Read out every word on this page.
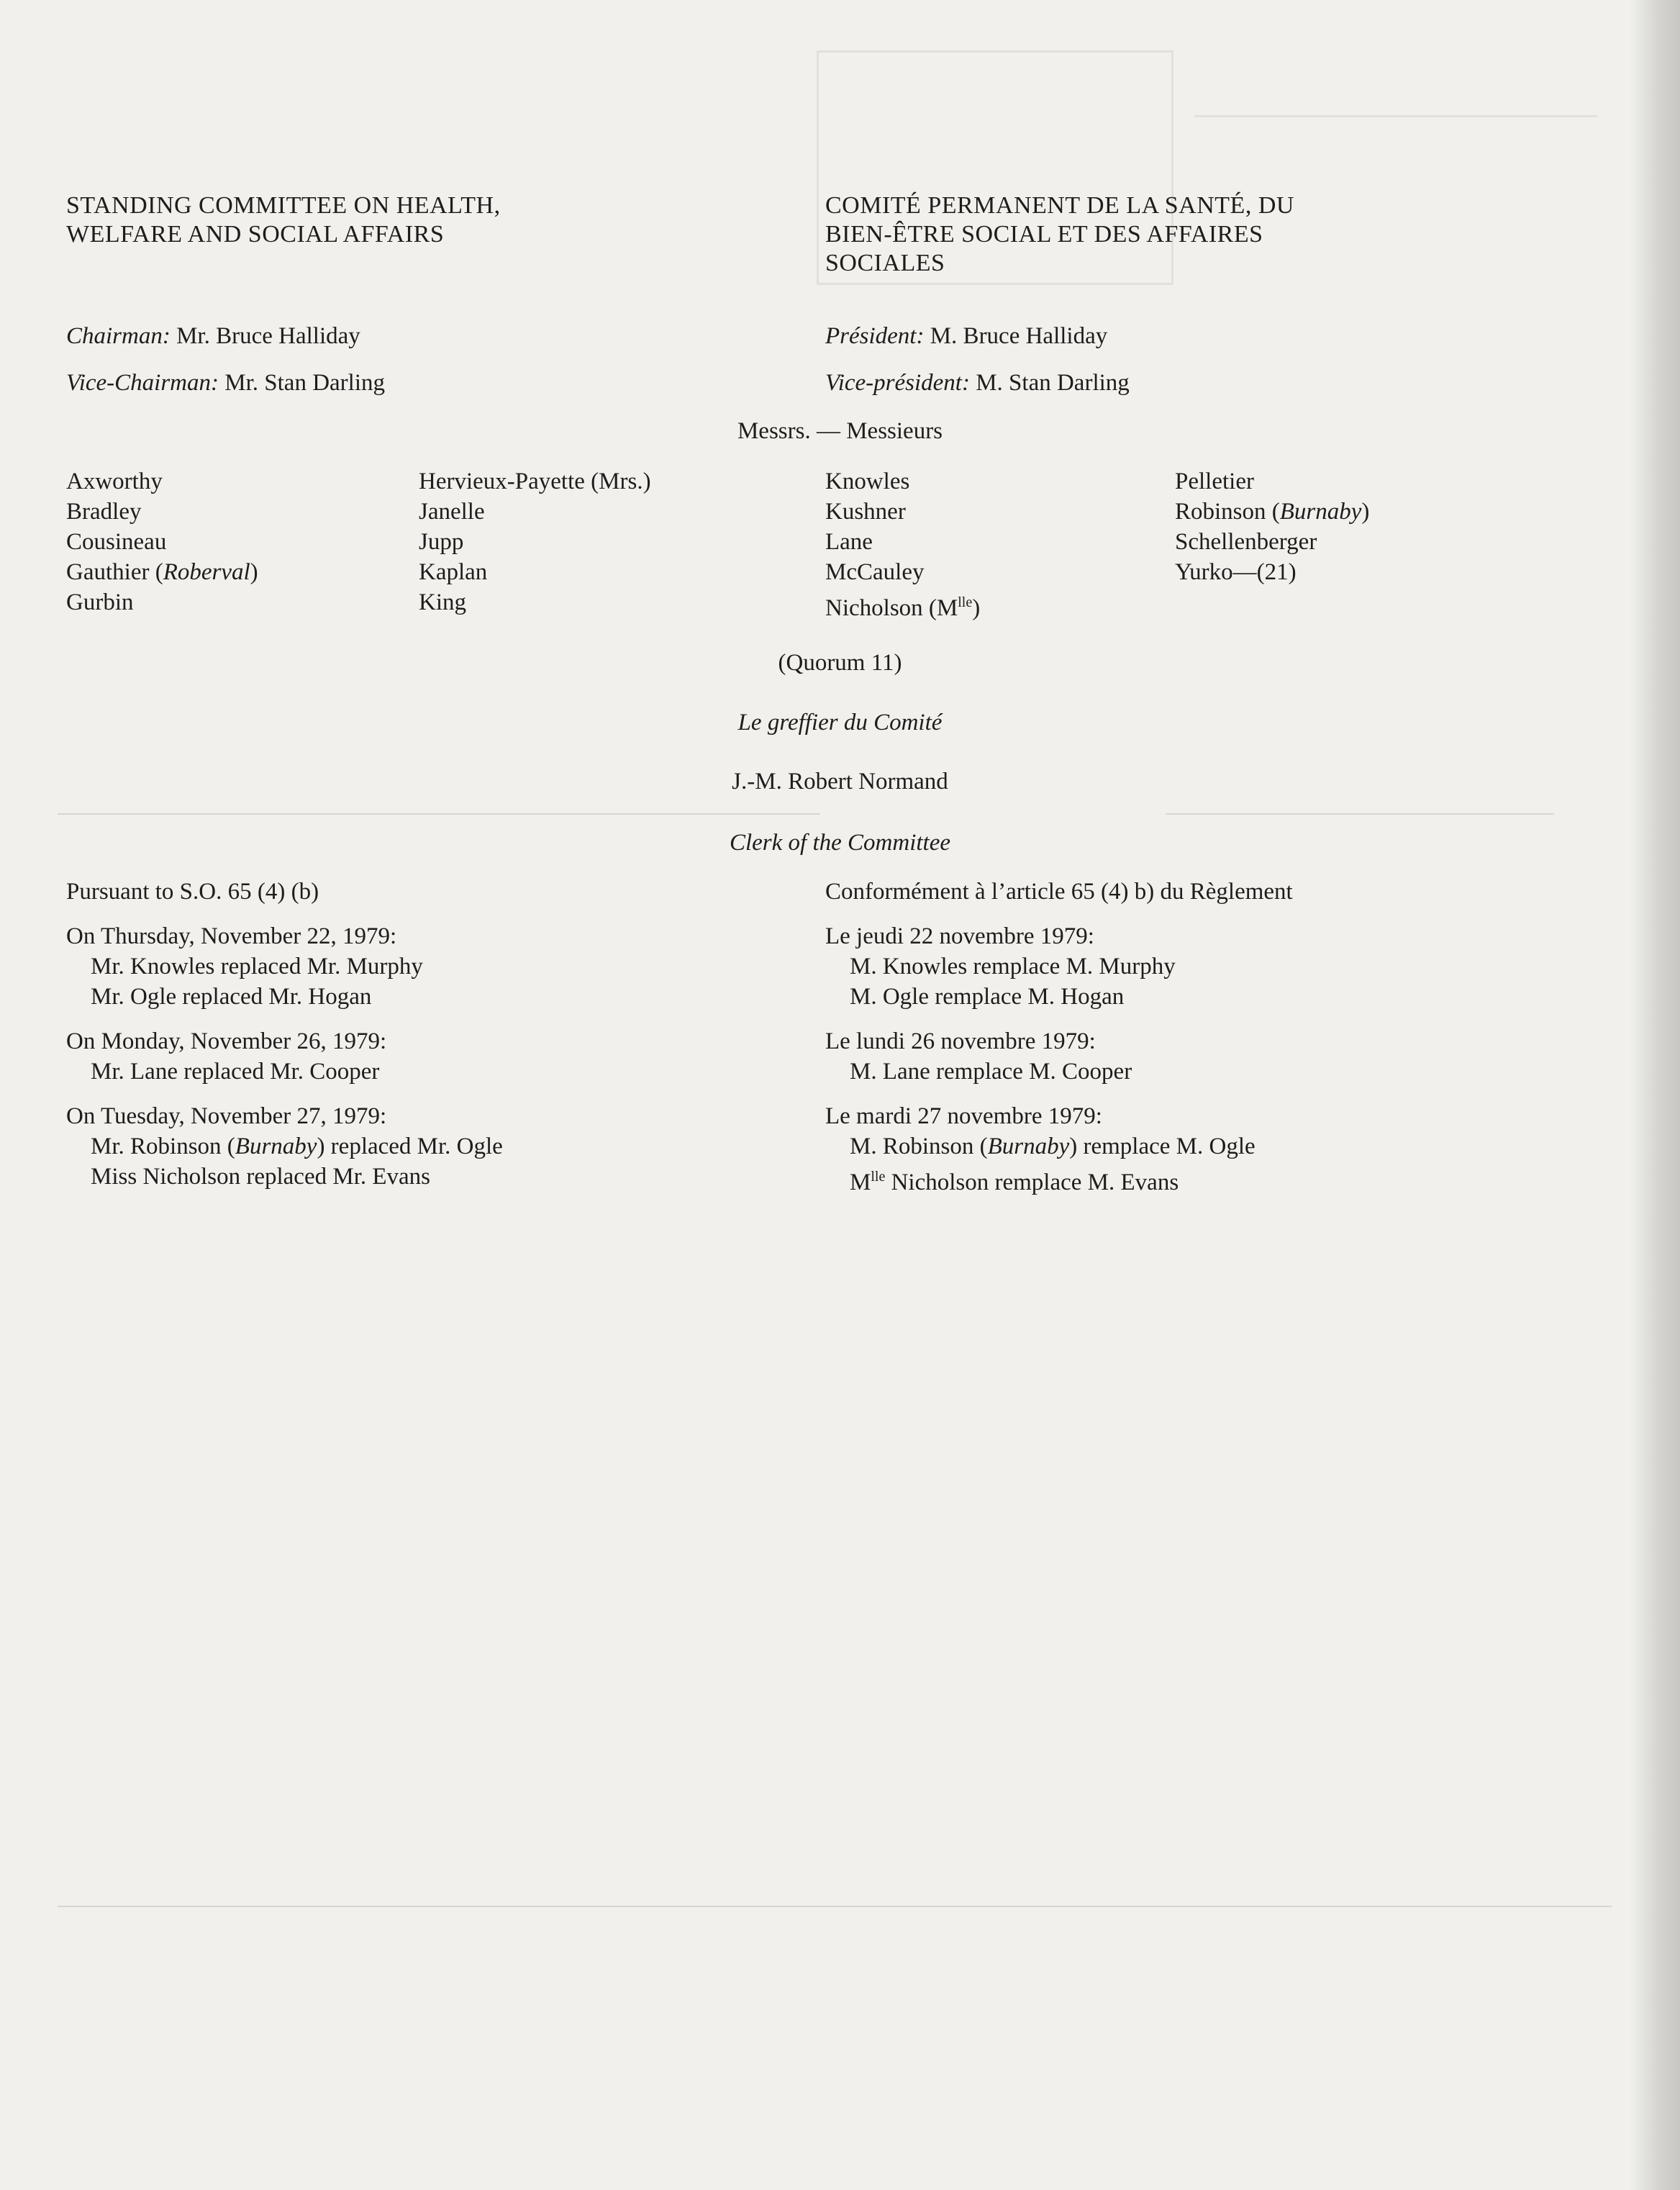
STANDING COMMITTEE ON HEALTH,
WELFARE AND SOCIAL AFFAIRS
COMITÉ PERMANENT DE LA SANTÉ, DU
BIEN-ÊTRE SOCIAL ET DES AFFAIRES
SOCIALES
Chairman: Mr. Bruce Halliday
Vice-Chairman: Mr. Stan Darling
Président: M. Bruce Halliday
Vice-président: M. Stan Darling
Messrs. — Messieurs
Axworthy
Bradley
Cousineau
Gauthier (Roberval)
Gurbin
Hervieux-Payette (Mrs.)
Janelle
Jupp
Kaplan
King
Knowles
Kushner
Lane
McCauley
Nicholson $(M^{lle})$
Pelletier
Robinson (Burnaby)
Schellenberger
Yurko—(21)
(Quorum 11)
Le greffier du Comité
J.-M. Robert Normand
Clerk of the Committee
Pursuant to S.O. 65 (4) (b)
On Thursday, November 22, 1979:
Mr. Knowles replaced Mr. Murphy
Mr. Ogle replaced Mr. Hogan
On Monday, November 26, 1979:
Mr. Lane replaced Mr. Cooper
On Tuesday, November 27, 1979:
Mr. Robinson (Burnaby) replaced Mr. Ogle
Miss Nicholson replaced Mr. Evans
Conformément à l’article 65 (4) b) du Règlement
Le jeudi 22 novembre 1979:
M. Knowles remplace M. Murphy
M. Ogle remplace M. Hogan
Le lundi 26 novembre 1979:
M. Lane remplace M. Cooper
Le mardi 27 novembre 1979:
M. Robinson (Burnaby) remplace M. Ogle
$M^{lle}$ Nicholson remplace M. Evans
